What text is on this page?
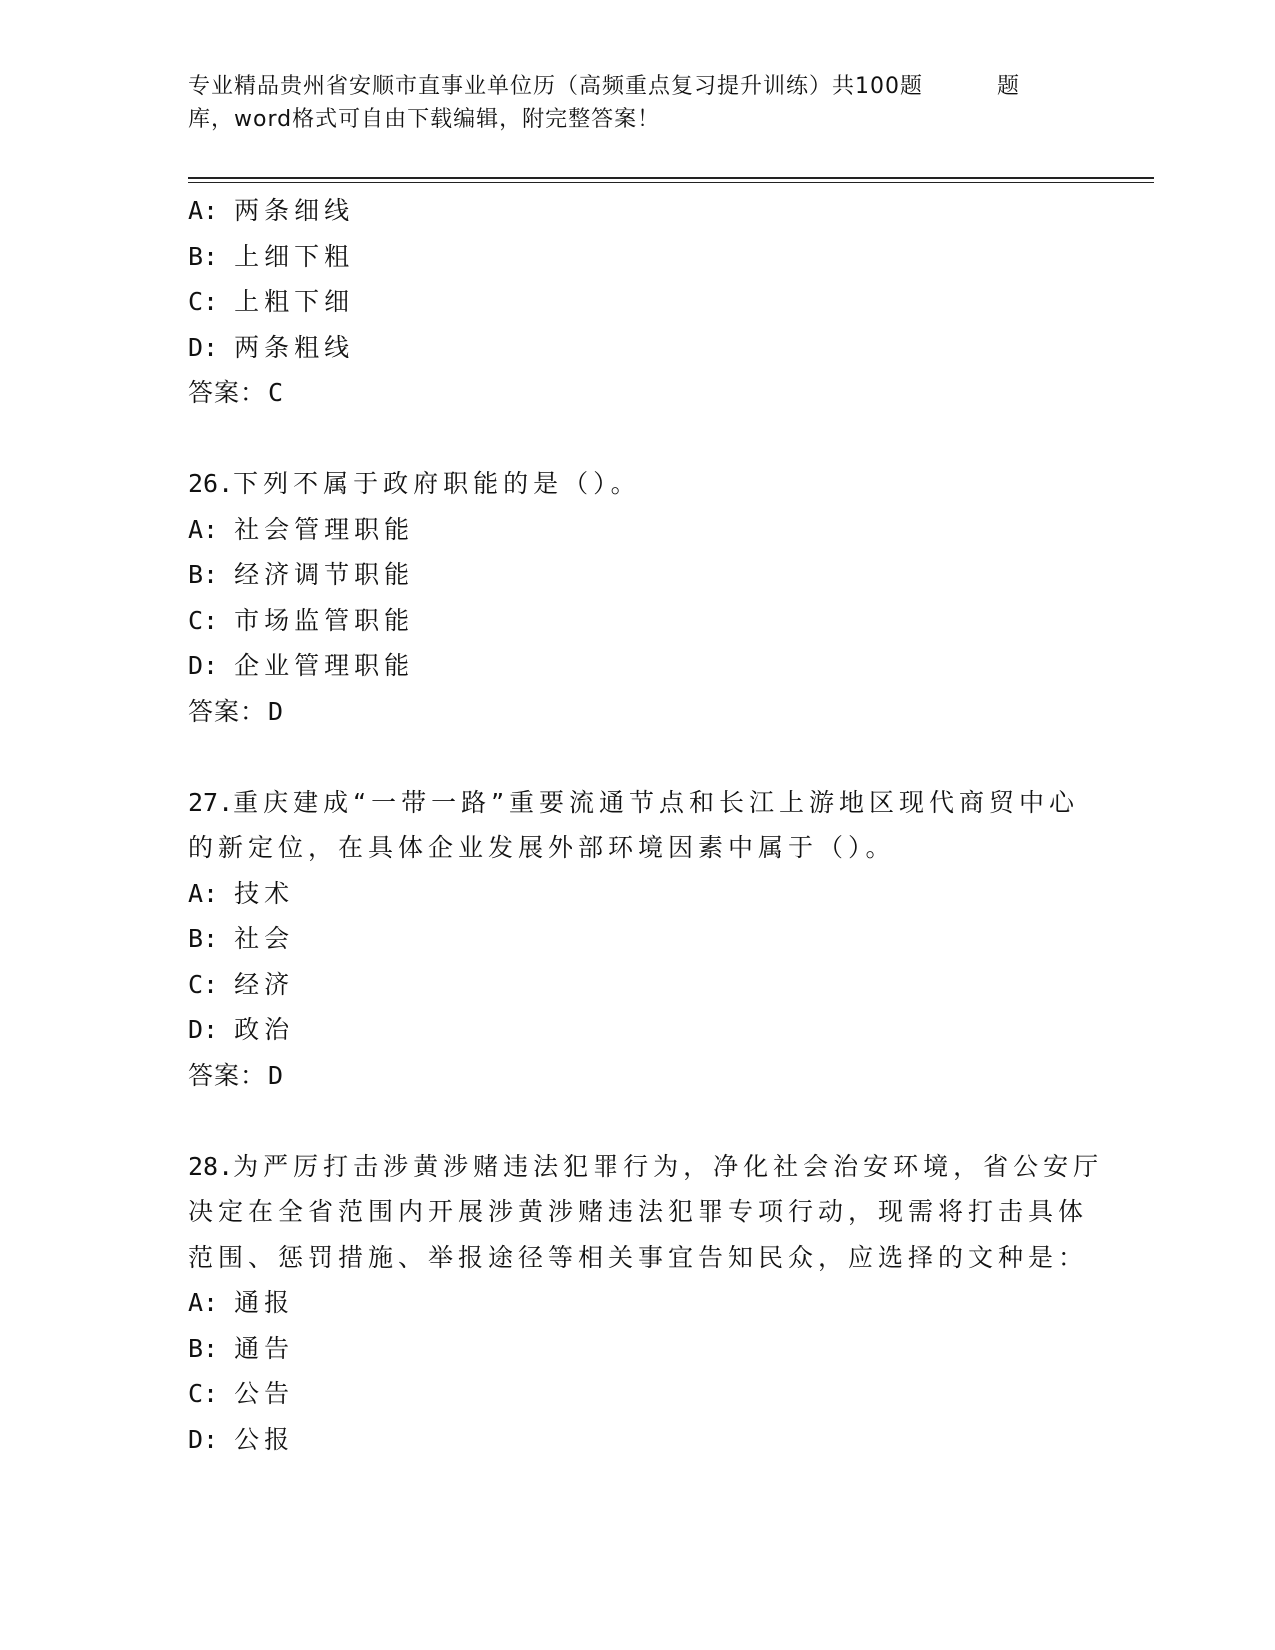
专业精品贵州省安顺市直事业单位历（高频重点复习提升训练）共100题	题
库，word格式可自由下载编辑，附完整答案！
A: 两条细线
B: 上细下粗
C: 上粗下细
D: 两条粗线
答案：C
26.下列不属于政府职能的是（）。
A: 社会管理职能
B: 经济调节职能
C: 市场监管职能
D: 企业管理职能
答案：D
27.重庆建成“一带一路”重要流通节点和长江上游地区现代商贸中心
的新定位，在具体企业发展外部环境因素中属于（）。
A: 技术
B: 社会
C: 经济
D: 政治
答案：D
28.为严厉打击涉黄涉赌违法犯罪行为，净化社会治安环境，省公安厅
决定在全省范围内开展涉黄涉赌违法犯罪专项行动，现需将打击具体
范围、惩罚措施、举报途径等相关事宜告知民众，应选择的文种是：
A: 通报
B: 通告
C: 公告
D: 公报
